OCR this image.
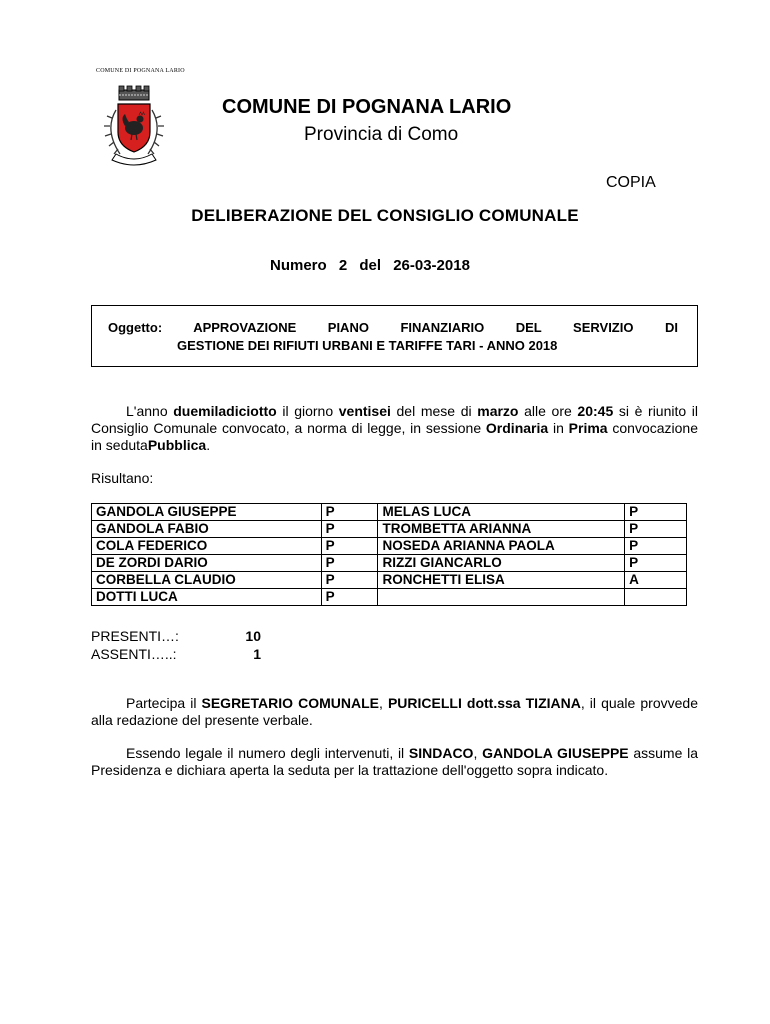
COMUNE DI POGNANA LARIO
COMUNE DI POGNANA LARIO
Provincia di Como
COPIA
DELIBERAZIONE DEL CONSIGLIO COMUNALE
Numero 2 del 26-03-2018
Oggetto: APPROVAZIONE PIANO FINANZIARIO DEL SERVIZIO DI
GESTIONE DEI RIFIUTI URBANI E TARIFFE TARI - ANNO 2018
L'anno duemiladiciotto il giorno ventisei del mese di marzo alle ore 20:45 si è riunito il Consiglio Comunale convocato, a norma di legge, in sessione Ordinaria in Prima convocazione in sedutaPubblica.
Risultano:
GANDOLA GIUSEPPE	P	MELAS LUCA	P
GANDOLA FABIO	P	TROMBETTA ARIANNA	P
COLA FEDERICO	P	NOSEDA ARIANNA PAOLA	P
DE ZORDI DARIO	P	RIZZI GIANCARLO	P
CORBELLA CLAUDIO	P	RONCHETTI ELISA	A
DOTTI LUCA	P		
PRESENTI…:	10
ASSENTI…..:	1
Partecipa il SEGRETARIO COMUNALE, PURICELLI dott.ssa TIZIANA, il quale provvede alla redazione del presente verbale.
Essendo legale il numero degli intervenuti, il SINDACO, GANDOLA GIUSEPPE assume la Presidenza e dichiara aperta la seduta per la trattazione dell'oggetto sopra indicato.
